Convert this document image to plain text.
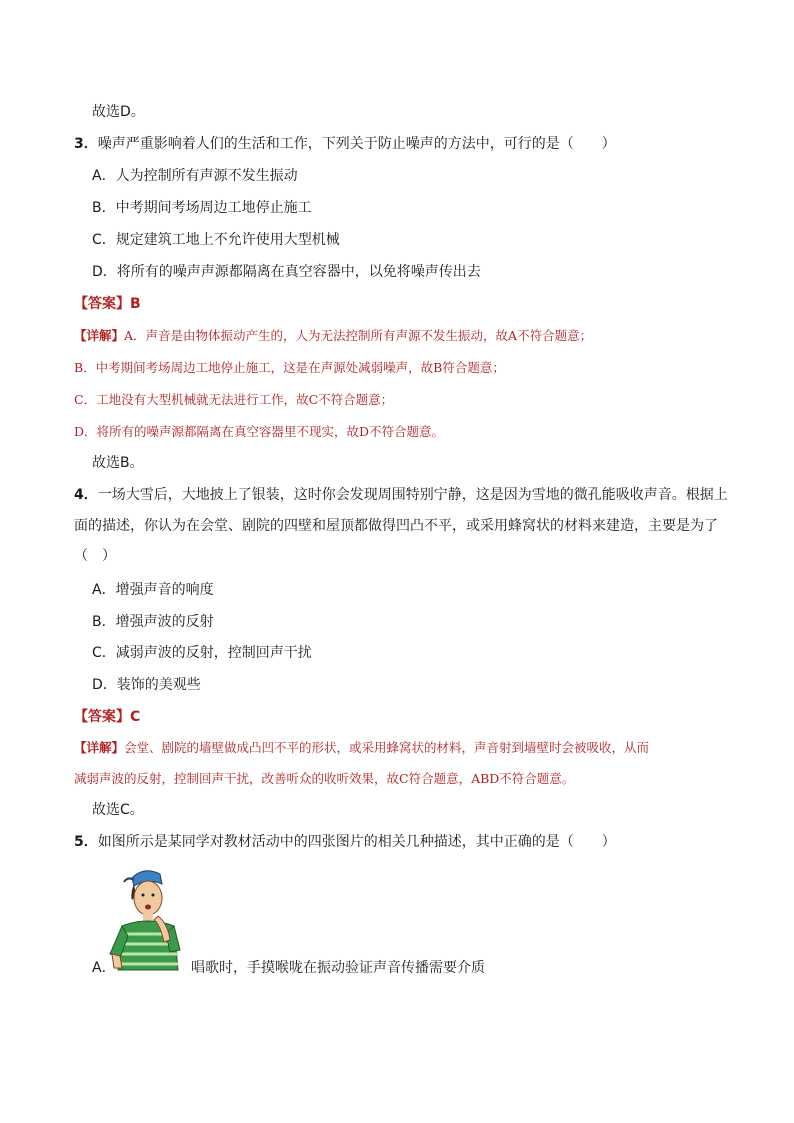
故选D。
3．噪声严重影响着人们的生活和工作，下列关于防止噪声的方法中，可行的是（　　）
A．人为控制所有声源不发生振动
B．中考期间考场周边工地停止施工
C．规定建筑工地上不允许使用大型机械
D．将所有的噪声声源都隔离在真空容器中，以免将噪声传出去
【答案】B
【详解】A．声音是由物体振动产生的，人为无法控制所有声源不发生振动，故A不符合题意；
B．中考期间考场周边工地停止施工，这是在声源处减弱噪声，故B符合题意；
C．工地没有大型机械就无法进行工作，故C不符合题意；
D．将所有的噪声源都隔离在真空容器里不现实，故D不符合题意。
故选B。
4．一场大雪后，大地披上了银装，这时你会发现周围特别宁静，这是因为雪地的微孔能吸收声音。根据上
面的描述，你认为在会堂、剧院的四壁和屋顶都做得凹凸不平，或采用蜂窝状的材料来建造，主要是为了
（　）
A．增强声音的响度
B．增强声波的反射
C．减弱声波的反射，控制回声干扰
D．装饰的美观些
【答案】C
【详解】会堂、剧院的墙壁做成凸凹不平的形状，或采用蜂窝状的材料，声音射到墙壁时会被吸收，从而
减弱声波的反射，控制回声干扰，改善听众的收听效果，故C符合题意，ABD不符合题意。
故选C。
5．如图所示是某同学对教材活动中的四张图片的相关几种描述，其中正确的是（　　）
A．	唱歌时，手摸喉咙在振动验证声音传播需要介质
